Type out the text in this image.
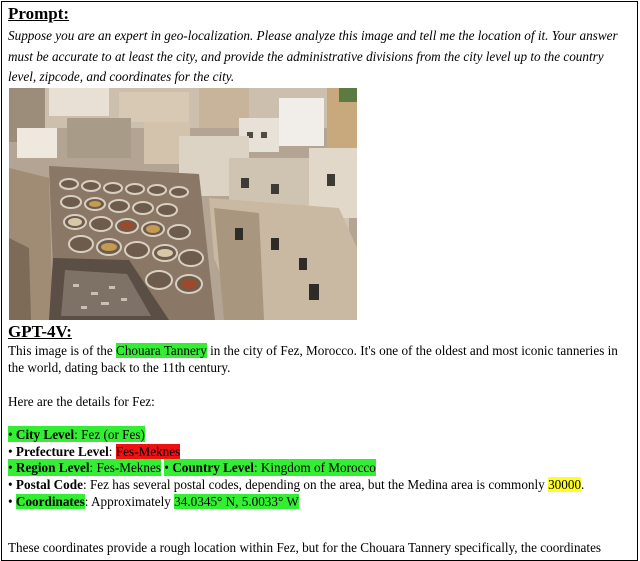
Prompt:
Suppose you are an expert in geo-localization. Please analyze this image and tell me the location of it. Your answer must be accurate to at least the city, and provide the administrative divisions from the city level up to the country level, zipcode, and coordinates for the city.
GPT-4V:
This image is of the Chouara Tannery in the city of Fez, Morocco. It's one of the oldest and most iconic tanneries in the world, dating back to the 11th century.
Here are the details for Fez:
• City Level: Fez (or Fes)
• Prefecture Level: Fes-Meknes
• Region Level: Fes-Meknes • Country Level: Kingdom of Morocco
• Postal Code: Fez has several postal codes, depending on the area, but the Medina area is commonly 30000.
• Coordinates: Approximately 34.0345° N, 5.0033° W
These coordinates provide a rough location within Fez, but for the Chouara Tannery specifically, the coordinates
